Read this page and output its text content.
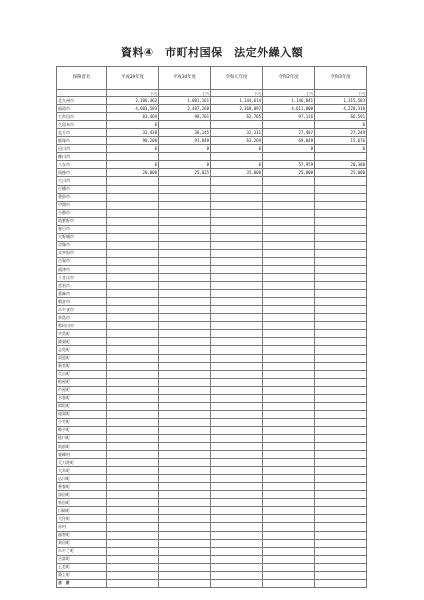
資料④　市町村国保　法定外繰入額
保険者名	平成29年度	平成30年度	令和元年度	令和2年度	令和3年度
	千円	千円	千円	千円	千円
北九州市	2,186,463	1,081,161	1,144,614	1,146,041	1,315,583
福岡市	4,603,583	2,487,268	2,368,097	4,611,000	4,228,310
大牟田市	83,469	98,701	62,705	97,116	66,591
久留米市	0				0
直方市	32,438	36,145	32,311	27,487	27,249
飯塚市	98,208	91,848	63,269	69,048	15,676
田川市	0	0	0	0	0
柳川市					
八女市	0	0	0	57,959	20,380
筑後市	20,000	25,025	35,000	25,000	25,000
大川市					
行橋市					
豊前市					
中間市					
小郡市					
筑紫野市					
春日市					
大野城市					
宗像市					
太宰府市					
古賀市					
福津市					
うきは市					
宮若市					
嘉麻市					
朝倉市					
みやま市					
糸島市					
那珂川市					
宇美町					
篠栗町					
志免町					
須恵町					
新宮町					
久山町					
粕屋町					
芦屋町					
水巻町					
岡垣町					
遠賀町					
小竹町					
鞍手町					
桂川町					
筑前町					
東峰村					
大刀洗町					
大木町					
広川町					
香春町					
添田町					
糸田町					
川崎町					
大任町					
赤村					
福智町					
苅田町					
みやこ町					
吉富町					
上毛町					
築上町					
合　計					
